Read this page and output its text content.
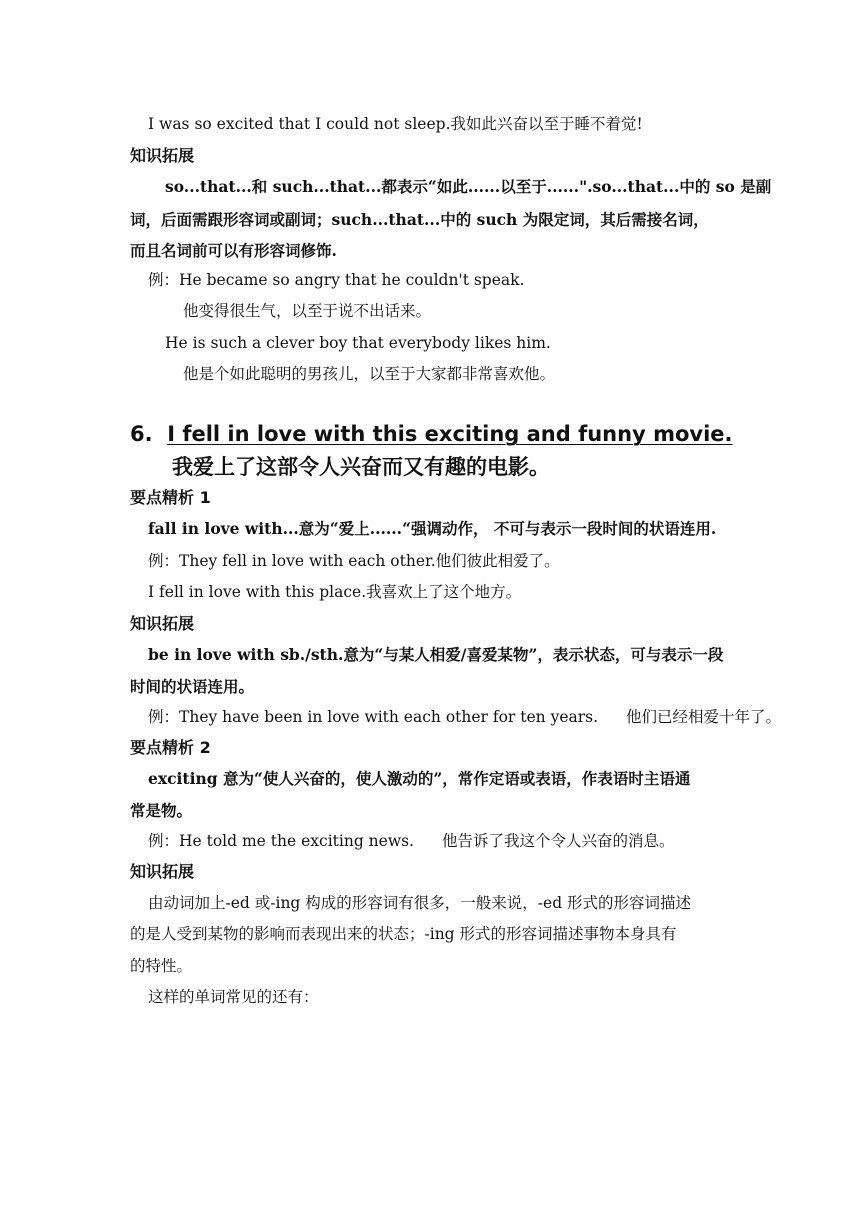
I was so excited that I could not sleep.我如此兴奋以至于睡不着觉!
知识拓展
so...that...和 such...that...都表示“如此......以至于......".so...that...中的 so 是副
词，后面需跟形容词或副词；such...that...中的 such 为限定词，其后需接名词，
而且名词前可以有形容词修饰.
例：He became so angry that he couldn't speak.
他变得很生气，以至于说不出话来。
He is such a clever boy that everybody likes him.
他是个如此聪明的男孩儿，以至于大家都非常喜欢他。
6. I fell in love with this exciting and funny movie.
我爱上了这部令人兴奋而又有趣的电影。
要点精析 1
fall in love with...意为“爱上......“强调动作， 不可与表示一段时间的状语连用.
例：They fell in love with each other.他们彼此相爱了。
I fell in love with this place.我喜欢上了这个地方。
知识拓展
be in love with sb./sth.意为“与某人相爱/喜爱某物”，表示状态，可与表示一段
时间的状语连用。
例：They have been in love with each other for ten years. 他们已经相爱十年了。
要点精析 2
exciting 意为“使人兴奋的，使人激动的”，常作定语或表语，作表语时主语通
常是物。
例：He told me the exciting news. 他告诉了我这个令人兴奋的消息。
知识拓展
由动词加上-ed 或-ing 构成的形容词有很多，一般来说，-ed 形式的形容词描述
的是人受到某物的影响而表现出来的状态；-ing 形式的形容词描述事物本身具有
的特性。
这样的单词常见的还有：
